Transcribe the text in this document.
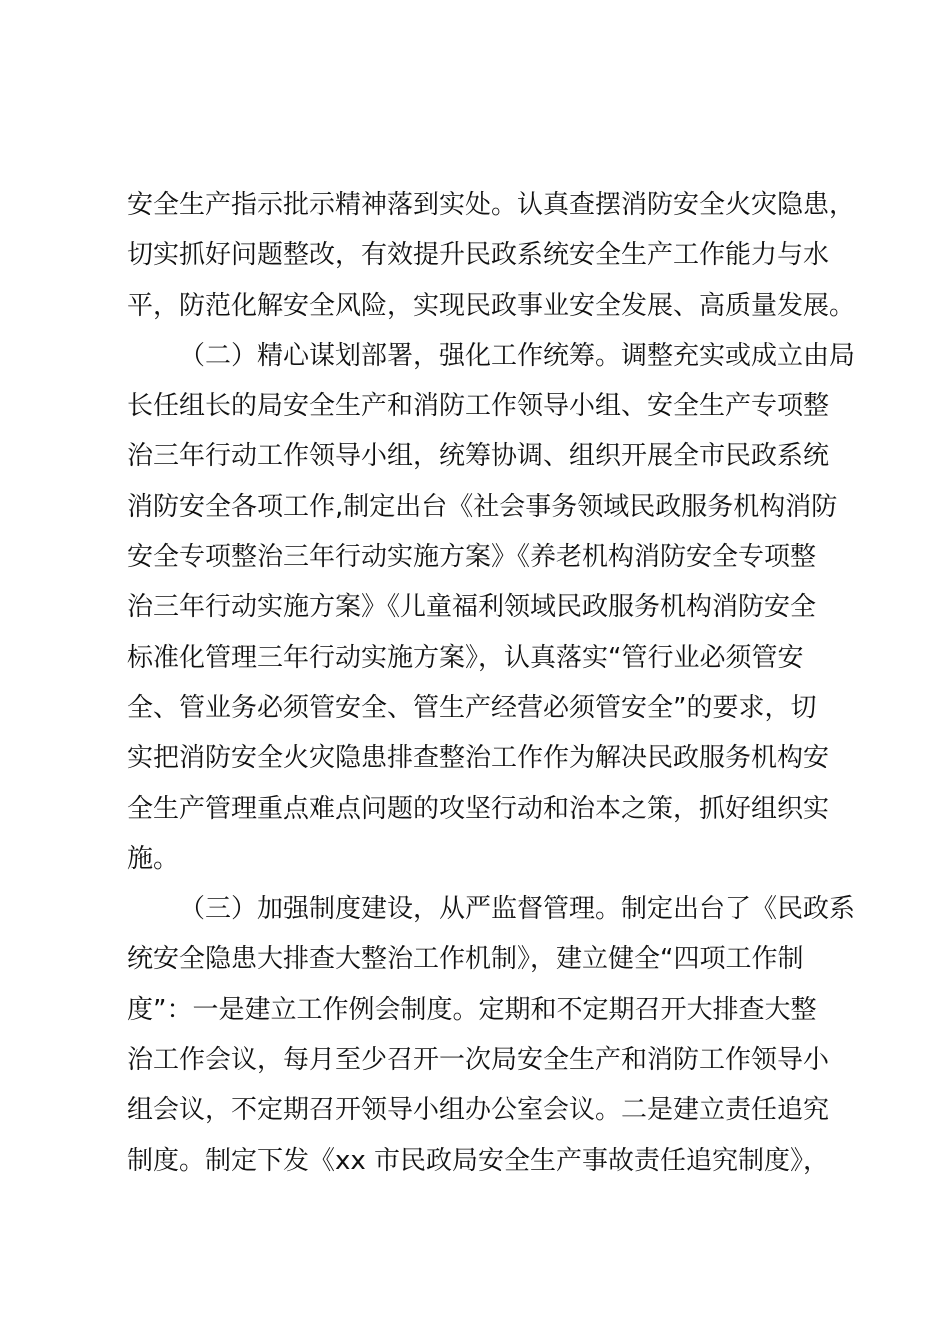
安全生产指示批示精神落到实处。认真查摆消防安全火灾隐患，
切实抓好问题整改，有效提升民政系统安全生产工作能力与水
平，防范化解安全风险，实现民政事业安全发展、高质量发展。
（二）精心谋划部署，强化工作统筹。调整充实或成立由局
长任组长的局安全生产和消防工作领导小组、安全生产专项整
治三年行动工作领导小组，统筹协调、组织开展全市民政系统
消防安全各项工作,制定出台《社会事务领域民政服务机构消防
安全专项整治三年行动实施方案》《养老机构消防安全专项整
治三年行动实施方案》《儿童福利领域民政服务机构消防安全
标准化管理三年行动实施方案》，认真落实“管行业必须管安
全、管业务必须管安全、管生产经营必须管安全”的要求，切
实把消防安全火灾隐患排查整治工作作为解决民政服务机构安
全生产管理重点难点问题的攻坚行动和治本之策，抓好组织实
施。
（三）加强制度建设，从严监督管理。制定出台了《民政系
统安全隐患大排查大整治工作机制》，建立健全“四项工作制
度”：一是建立工作例会制度。定期和不定期召开大排查大整
治工作会议，每月至少召开一次局安全生产和消防工作领导小
组会议，不定期召开领导小组办公室会议。二是建立责任追究
制度。制定下发《xx 市民政局安全生产事故责任追究制度》，
